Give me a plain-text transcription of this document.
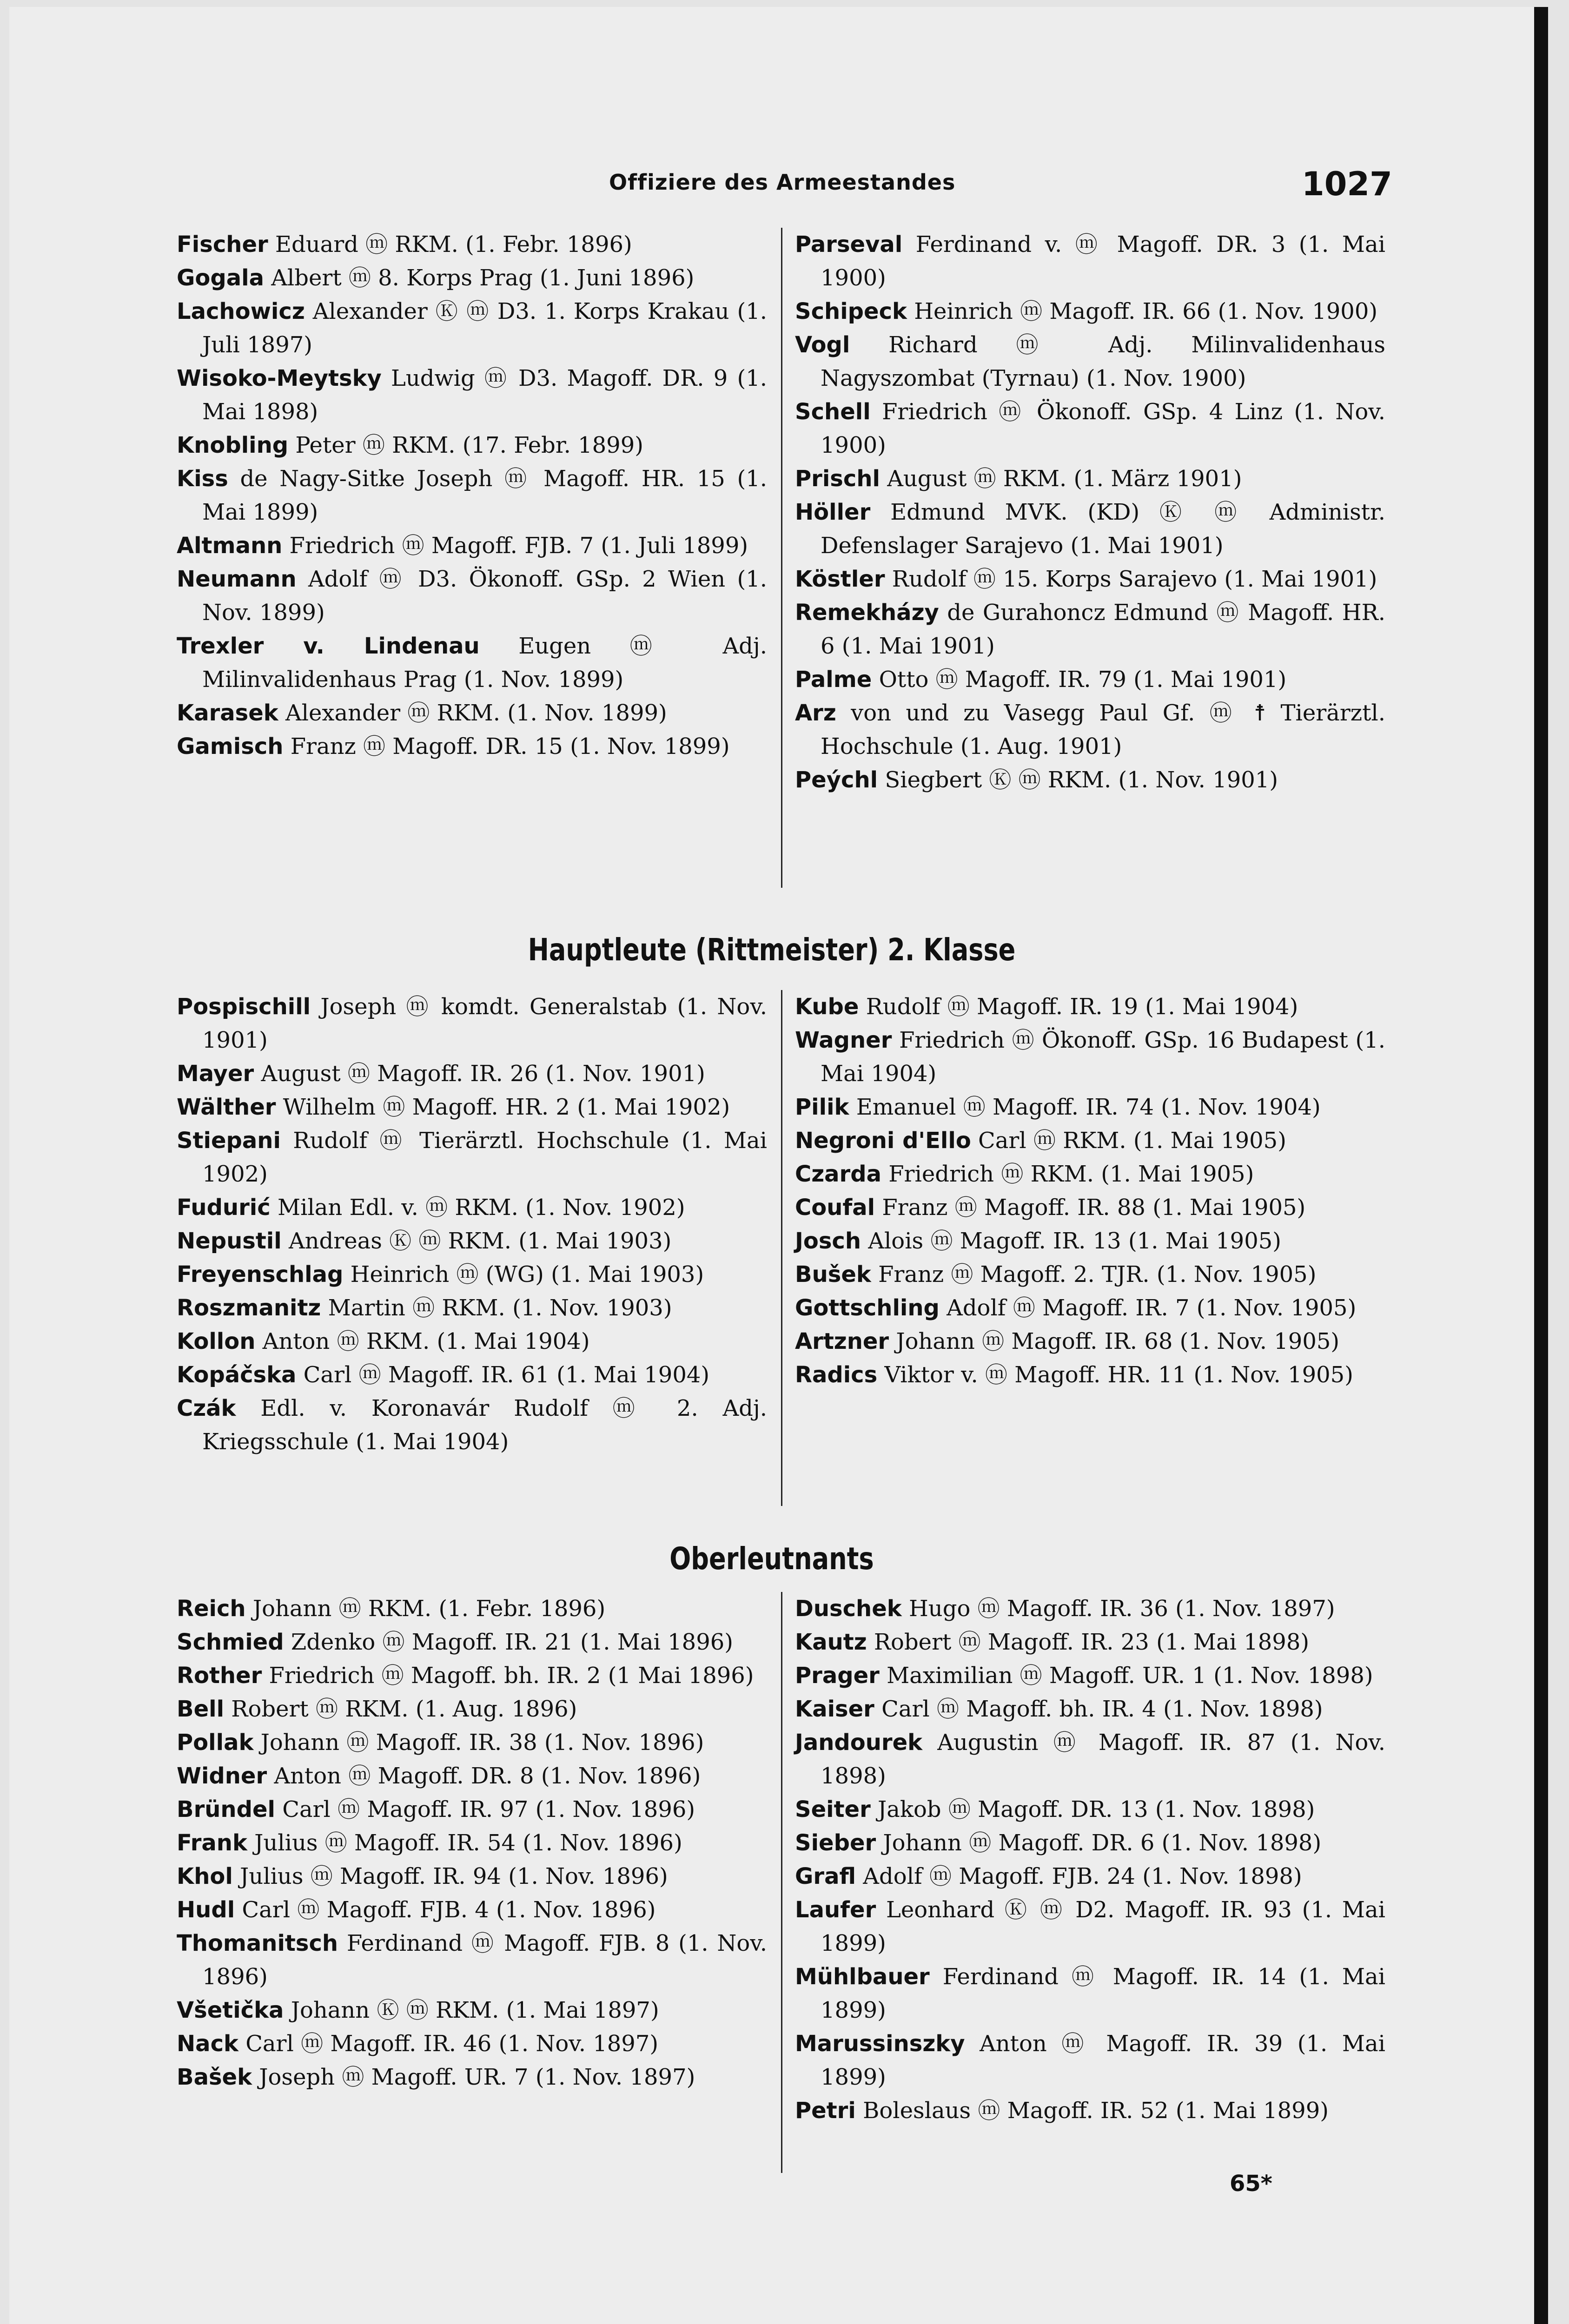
Offiziere des Armeestandes	1027
Fischer Eduard ⓜ RKM. (1. Febr. 1896)
Gogala Albert ⓜ 8. Korps Prag (1. Juni 1896)
Lachowicz Alexander Ⓚ ⓜ D3. 1. Korps Krakau (1. Juli 1897)
Wisoko-Meytsky Ludwig ⓜ D3. Magoff. DR. 9 (1. Mai 1898)
Knobling Peter ⓜ RKM. (17. Febr. 1899)
Kiss de Nagy-Sitke Joseph ⓜ Magoff. HR. 15 (1. Mai 1899)
Altmann Friedrich ⓜ Magoff. FJB. 7 (1. Juli 1899)
Neumann Adolf ⓜ D3. Ökonoff. GSp. 2 Wien (1. Nov. 1899)
Trexler v. Lindenau Eugen ⓜ Adj. Milinvalidenhaus Prag (1. Nov. 1899)
Karasek Alexander ⓜ RKM. (1. Nov. 1899)
Gamisch Franz ⓜ Magoff. DR. 15 (1. Nov. 1899)
Parseval Ferdinand v. ⓜ Magoff. DR. 3 (1. Mai 1900)
Schipeck Heinrich ⓜ Magoff. IR. 66 (1. Nov. 1900)
Vogl Richard ⓜ Adj. Milinvalidenhaus Nagyszombat (Tyrnau) (1. Nov. 1900)
Schell Friedrich ⓜ Ökonoff. GSp. 4 Linz (1. Nov. 1900)
Prischl August ⓜ RKM. (1. März 1901)
Höller Edmund MVK. (KD) Ⓚ ⓜ Administr. Defenslager Sarajevo (1. Mai 1901)
Köstler Rudolf ⓜ 15. Korps Sarajevo (1. Mai 1901)
Remekházy de Gurahoncz Edmund ⓜ Magoff. HR. 6 (1. Mai 1901)
Palme Otto ⓜ Magoff. IR. 79 (1. Mai 1901)
Arz von und zu Vasegg Paul Gf. ⓜ ☨ Tierärztl. Hochschule (1. Aug. 1901)
Peýchl Siegbert Ⓚ ⓜ RKM. (1. Nov. 1901)
Hauptleute (Rittmeister) 2. Klasse
Pospischill Joseph ⓜ komdt. Generalstab (1. Nov. 1901)
Mayer August ⓜ Magoff. IR. 26 (1. Nov. 1901)
Wälther Wilhelm ⓜ Magoff. HR. 2 (1. Mai 1902)
Stiepani Rudolf ⓜ Tierärztl. Hochschule (1. Mai 1902)
Fudurić Milan Edl. v. ⓜ RKM. (1. Nov. 1902)
Nepustil Andreas Ⓚ ⓜ RKM. (1. Mai 1903)
Freyenschlag Heinrich ⓜ (WG) (1. Mai 1903)
Roszmanitz Martin ⓜ RKM. (1. Nov. 1903)
Kollon Anton ⓜ RKM. (1. Mai 1904)
Kopáčska Carl ⓜ Magoff. IR. 61 (1. Mai 1904)
Czák Edl. v. Koronavár Rudolf ⓜ 2. Adj. Kriegsschule (1. Mai 1904)
Kube Rudolf ⓜ Magoff. IR. 19 (1. Mai 1904)
Wagner Friedrich ⓜ Ökonoff. GSp. 16 Budapest (1. Mai 1904)
Pilik Emanuel ⓜ Magoff. IR. 74 (1. Nov. 1904)
Negroni d'Ello Carl ⓜ RKM. (1. Mai 1905)
Czarda Friedrich ⓜ RKM. (1. Mai 1905)
Coufal Franz ⓜ Magoff. IR. 88 (1. Mai 1905)
Josch Alois ⓜ Magoff. IR. 13 (1. Mai 1905)
Bušek Franz ⓜ Magoff. 2. TJR. (1. Nov. 1905)
Gottschling Adolf ⓜ Magoff. IR. 7 (1. Nov. 1905)
Artzner Johann ⓜ Magoff. IR. 68 (1. Nov. 1905)
Radics Viktor v. ⓜ Magoff. HR. 11 (1. Nov. 1905)
Oberleutnants
Reich Johann ⓜ RKM. (1. Febr. 1896)
Schmied Zdenko ⓜ Magoff. IR. 21 (1. Mai 1896)
Rother Friedrich ⓜ Magoff. bh. IR. 2 (1 Mai 1896)
Bell Robert ⓜ RKM. (1. Aug. 1896)
Pollak Johann ⓜ Magoff. IR. 38 (1. Nov. 1896)
Widner Anton ⓜ Magoff. DR. 8 (1. Nov. 1896)
Bründel Carl ⓜ Magoff. IR. 97 (1. Nov. 1896)
Frank Julius ⓜ Magoff. IR. 54 (1. Nov. 1896)
Khol Julius ⓜ Magoff. IR. 94 (1. Nov. 1896)
Hudl Carl ⓜ Magoff. FJB. 4 (1. Nov. 1896)
Thomanitsch Ferdinand ⓜ Magoff. FJB. 8 (1. Nov. 1896)
Všetička Johann Ⓚ ⓜ RKM. (1. Mai 1897)
Nack Carl ⓜ Magoff. IR. 46 (1. Nov. 1897)
Bašek Joseph ⓜ Magoff. UR. 7 (1. Nov. 1897)
Duschek Hugo ⓜ Magoff. IR. 36 (1. Nov. 1897)
Kautz Robert ⓜ Magoff. IR. 23 (1. Mai 1898)
Prager Maximilian ⓜ Magoff. UR. 1 (1. Nov. 1898)
Kaiser Carl ⓜ Magoff. bh. IR. 4 (1. Nov. 1898)
Jandourek Augustin ⓜ Magoff. IR. 87 (1. Nov. 1898)
Seiter Jakob ⓜ Magoff. DR. 13 (1. Nov. 1898)
Sieber Johann ⓜ Magoff. DR. 6 (1. Nov. 1898)
Grafl Adolf ⓜ Magoff. FJB. 24 (1. Nov. 1898)
Laufer Leonhard Ⓚ ⓜ D2. Magoff. IR. 93 (1. Mai 1899)
Mühlbauer Ferdinand ⓜ Magoff. IR. 14 (1. Mai 1899)
Marussinszky Anton ⓜ Magoff. IR. 39 (1. Mai 1899)
Petri Boleslaus ⓜ Magoff. IR. 52 (1. Mai 1899)
65*
